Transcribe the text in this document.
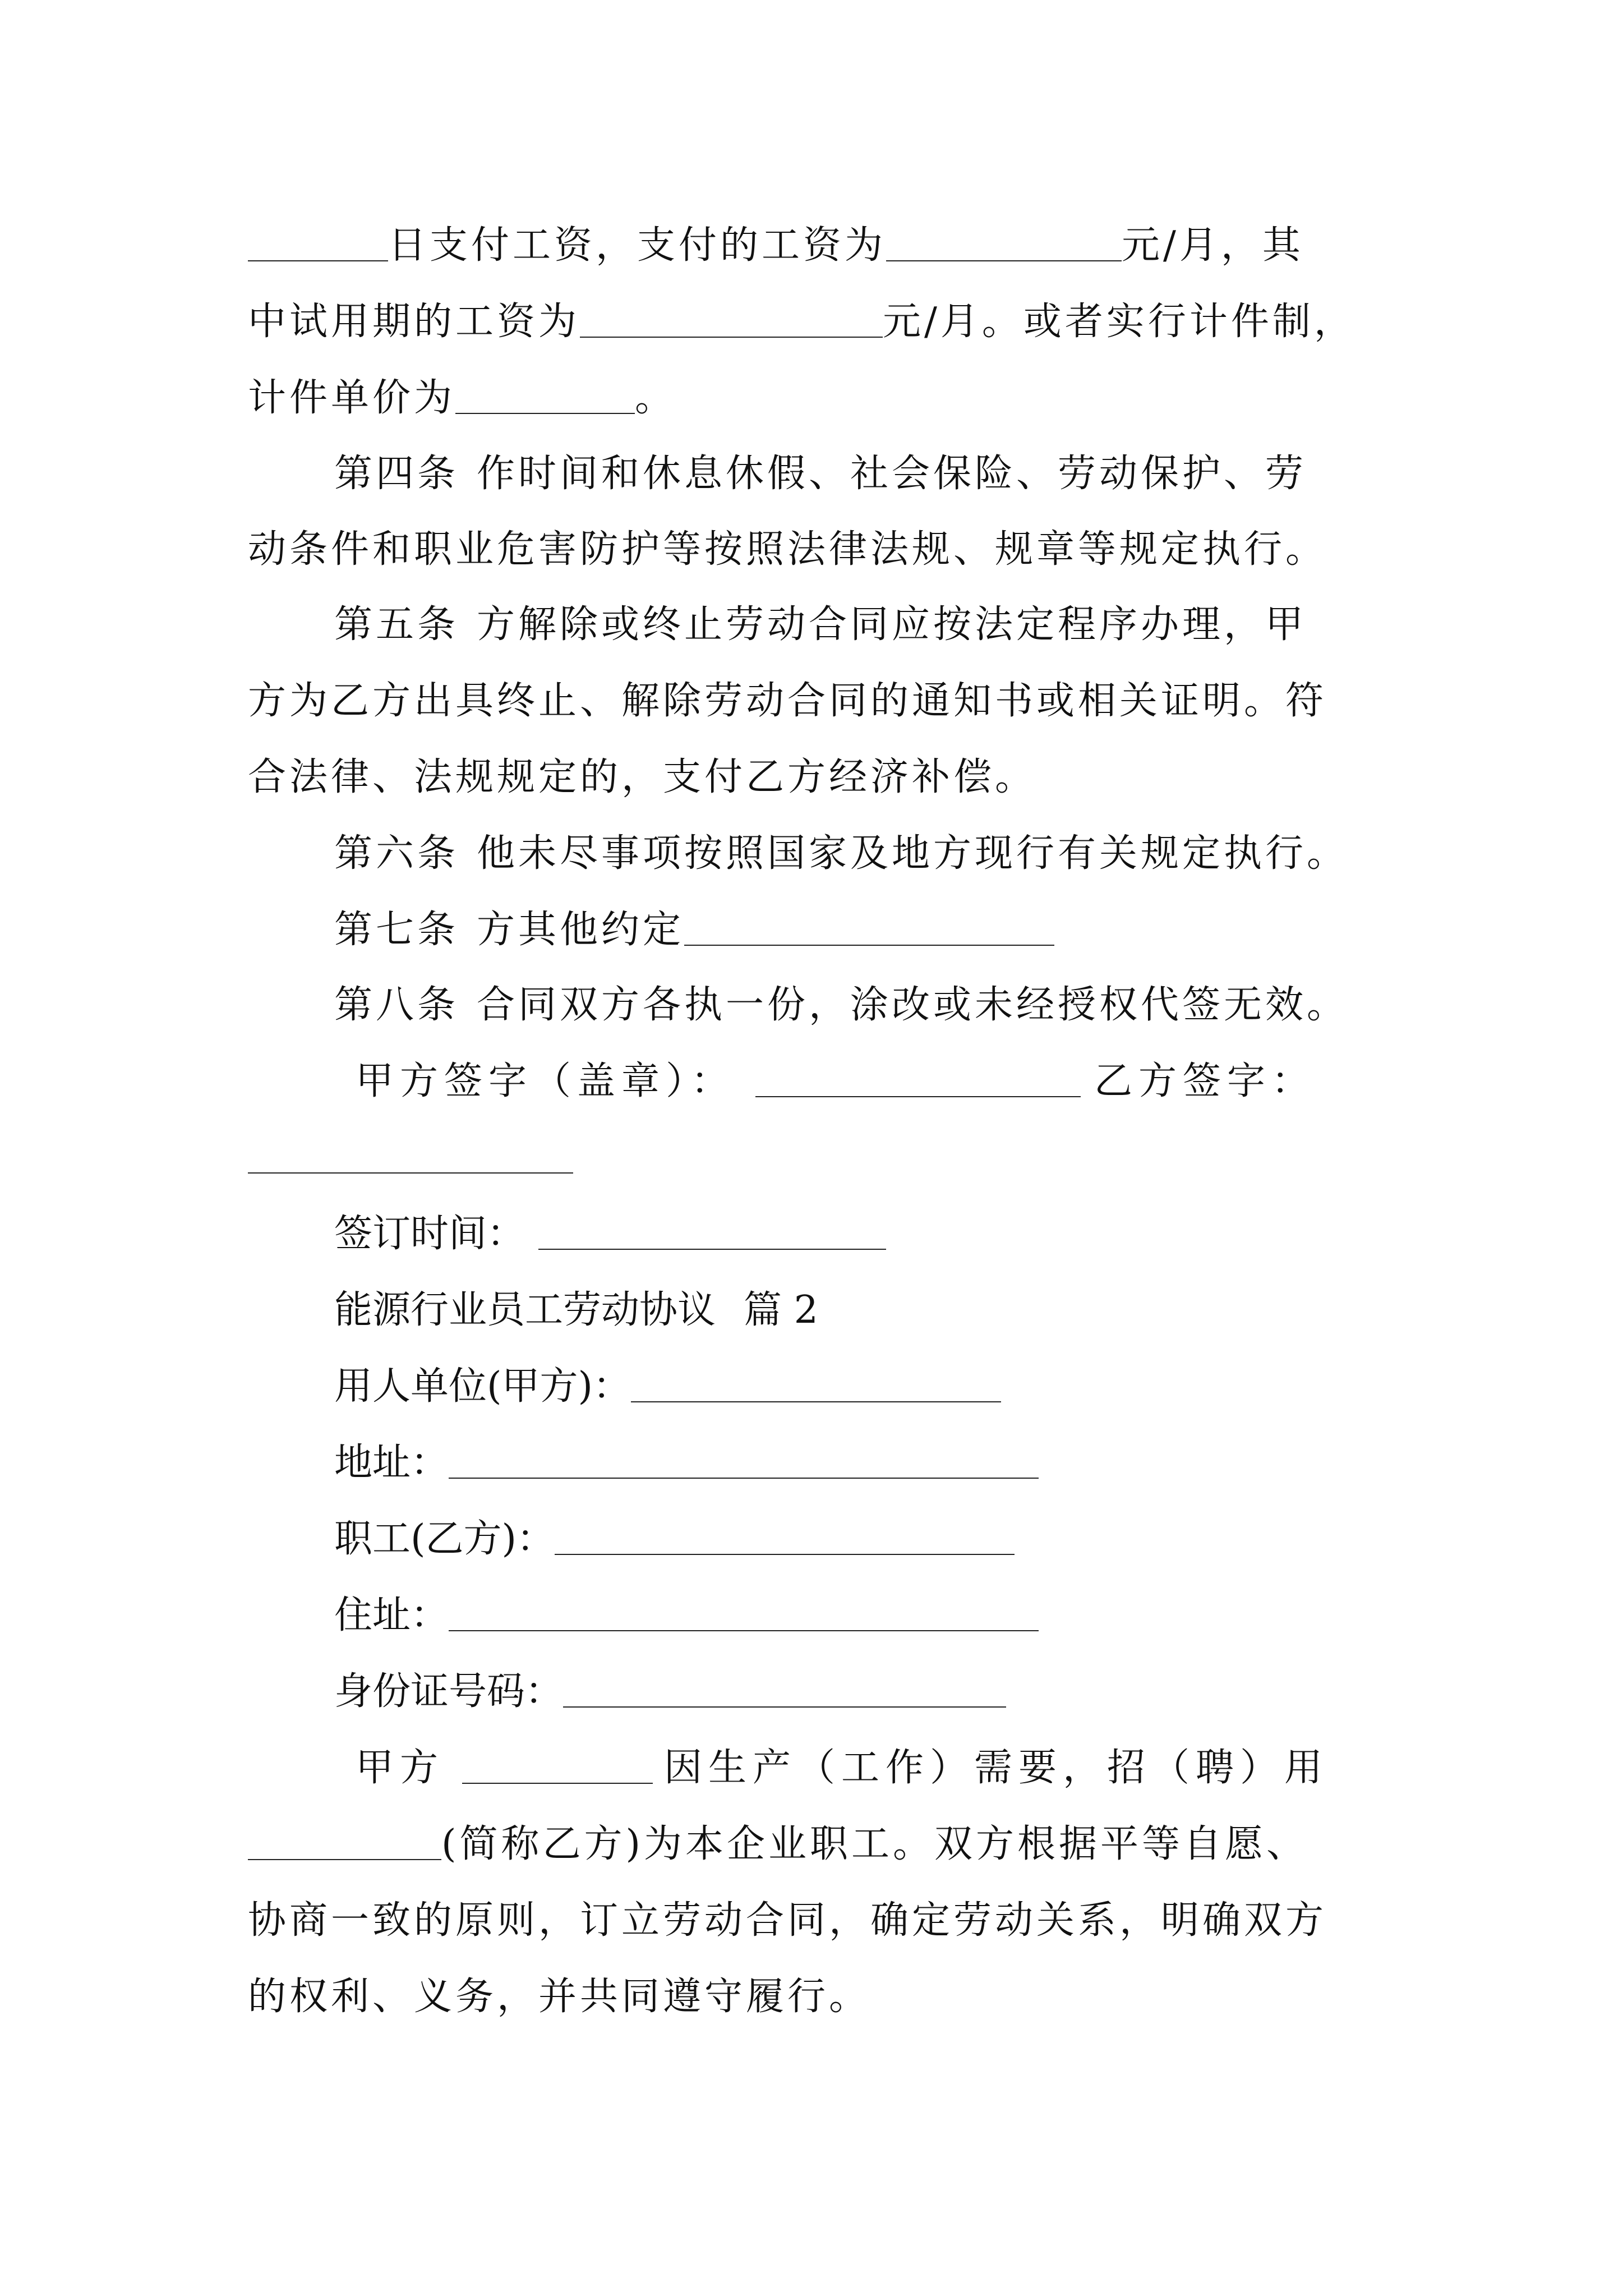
日支付工资，支付的工资为	元/月，其
中试用期的工资为	元/月。或者实行计件制，
计件单价为	。
第四条 作时间和休息休假、社会保险、劳动保护、劳
动条件和职业危害防护等按照法律法规、规章等规定执行。
第五条 方解除或终止劳动合同应按法定程序办理，甲
方为乙方出具终止、解除劳动合同的通知书或相关证明。符
合法律、法规规定的，支付乙方经济补偿。
第六条 他未尽事项按照国家及地方现行有关规定执行。
第七条 方其他约定
第八条 合同双方各执一份，涂改或未经授权代签无效。
甲方签字（盖章）：	乙方签字：
签订时间：
能源行业员工劳动协议 篇 2
用人单位(甲方)：
地址：
职工(乙方)：
住址：
身份证号码：
甲方	因生产（工作）需要，招（聘）用
(简称乙方)为本企业职工。双方根据平等自愿、
协商一致的原则，订立劳动合同，确定劳动关系，明确双方
的权利、义务，并共同遵守履行。
